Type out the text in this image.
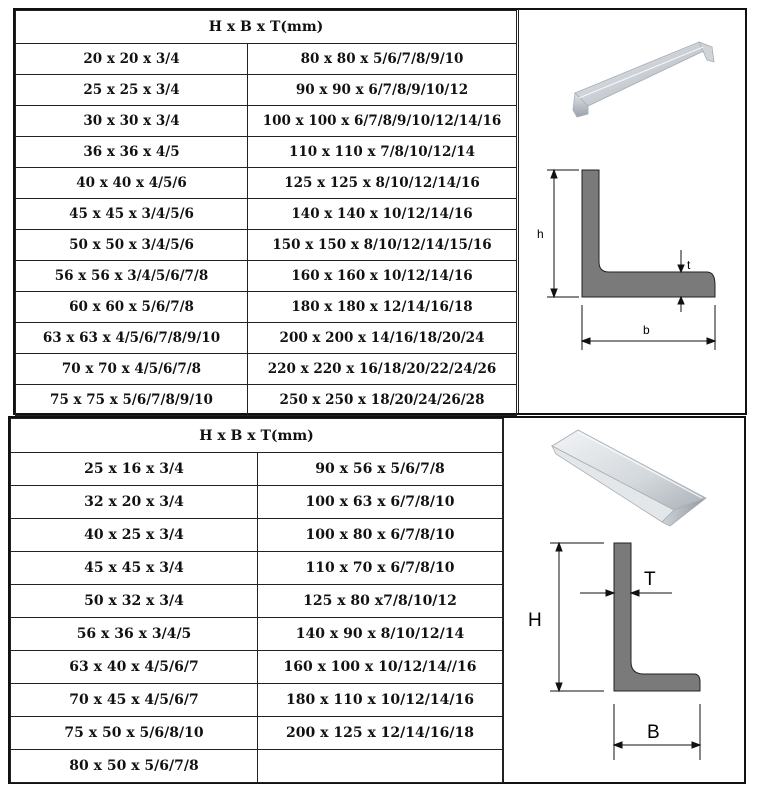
H x B x T(mm)	
20 x 20 x 3/4	80 x 80 x 5/6/7/8/9/10
25 x 25 x 3/4	90 x 90 x 6/7/8/9/10/12
30 x 30 x 3/4	100 x 100 x 6/7/8/9/10/12/14/16
36 x 36 x 4/5	110 x 110 x 7/8/10/12/14
40 x 40 x 4/5/6	125 x 125 x 8/10/12/14/16
45 x 45 x 3/4/5/6	140 x 140 x 10/12/14/16
50 x 50 x 3/4/5/6	150 x 150 x 8/10/12/14/15/16
56 x 56 x 3/4/5/6/7/8	160 x 160 x 10/12/14/16
60 x 60 x 5/6/7/8	180 x 180 x 12/14/16/18
63 x 63 x 4/5/6/7/8/9/10	200 x 200 x 14/16/18/20/24
70 x 70 x 4/5/6/7/8	220 x 220 x 16/18/20/22/24/26
75 x 75 x 5/6/7/8/9/10	250 x 250 x 18/20/24/26/28
h
t
b
H x B x T(mm)	
25 x 16 x 3/4	90 x 56 x 5/6/7/8
32 x 20 x 3/4	100 x 63 x 6/7/8/10
40 x 25 x 3/4	100 x 80 x 6/7/8/10
45 x 45 x 3/4	110 x 70 x 6/7/8/10
50 x 32 x 3/4	125 x 80 x7/8/10/12
56 x 36 x 3/4/5	140 x 90 x 8/10/12/14
63 x 40 x 4/5/6/7	160 x 100 x 10/12/14//16
70 x 45 x 4/5/6/7	180 x 110 x 10/12/14/16
75 x 50 x 5/6/8/10	200 x 125 x 12/14/16/18
80 x 50 x 5/6/7/8	
H
T
B
